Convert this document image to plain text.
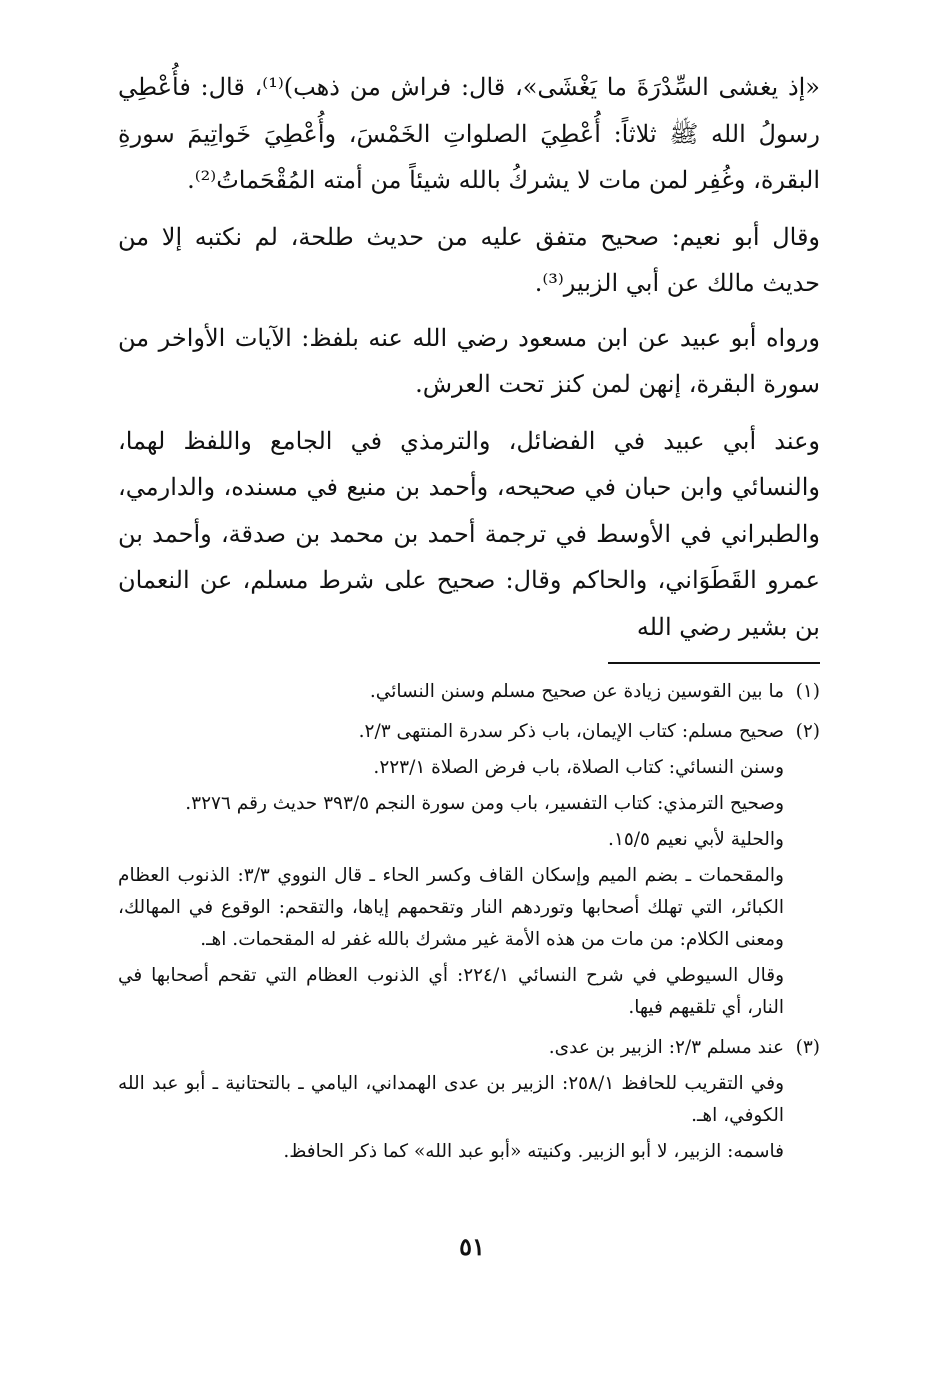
«إذ يغشى السِّدْرَةَ ما يَغْشَى»، قال: فراش من ذهب)⁽¹⁾، قال: فأُعْطِي رسولُ الله ﷺ ثلاثاً: أُعْطِيَ الصلواتِ الخَمْسَ، وأُعْطِيَ خَواتِيمَ سورةِ البقرة، وغُفِر لمن مات لا يشركُ بالله شيئاً من أمته المُقْحَماتُ⁽²⁾.

وقال أبو نعيم: صحيح متفق عليه من حديث طلحة، لم نكتبه إلا من حديث مالك عن أبي الزبير⁽³⁾.

ورواه أبو عبيد عن ابن مسعود رضي الله عنه بلفظ: الآيات الأواخر من سورة البقرة، إنهن لمن كنز تحت العرش.

وعند أبي عبيد في الفضائل، والترمذي في الجامع واللفظ لهما، والنسائي وابن حبان في صحيحه، وأحمد بن منيع في مسنده، والدارمي، والطبراني في الأوسط في ترجمة أحمد بن محمد بن صدقة، وأحمد بن عمرو القَطَوَاني، والحاكم وقال: صحيح على شرط مسلم، عن النعمان بن بشير رضي الله

(١)

ما بين القوسين زيادة عن صحيح مسلم وسنن النسائي.

(٢)

صحيح مسلم: كتاب الإيمان، باب ذكر سدرة المنتهى ٢/٣.

وسنن النسائي: كتاب الصلاة، باب فرض الصلاة ٢٢٣/١.

وصحيح الترمذي: كتاب التفسير، باب ومن سورة النجم ٣٩٣/٥ حديث رقم ٣٢٧٦.

والحلية لأبي نعيم ١٥/٥.

والمقحمات ـ بضم الميم وإسكان القاف وكسر الحاء ـ قال النووي ٣/٣: الذنوب العظام الكبائر، التي تهلك أصحابها وتوردهم النار وتقحمهم إياها، والتقحم: الوقوع في المهالك، ومعنى الكلام: من مات من هذه الأمة غير مشرك بالله غفر له المقحمات. اهـ.

وقال السيوطي في شرح النسائي ٢٢٤/١: أي الذنوب العظام التي تقحم أصحابها في النار، أي تلقيهم فيها.

(٣)

عند مسلم ٢/٣: الزبير بن عدى.

وفي التقريب للحافظ ٢٥٨/١: الزبير بن عدى الهمداني، اليامي ـ بالتحتانية ـ أبو عبد الله الكوفي، اهـ.

فاسمه: الزبير، لا أبو الزبير. وكنيته «أبو عبد الله» كما ذكر الحافظ.

٥١
